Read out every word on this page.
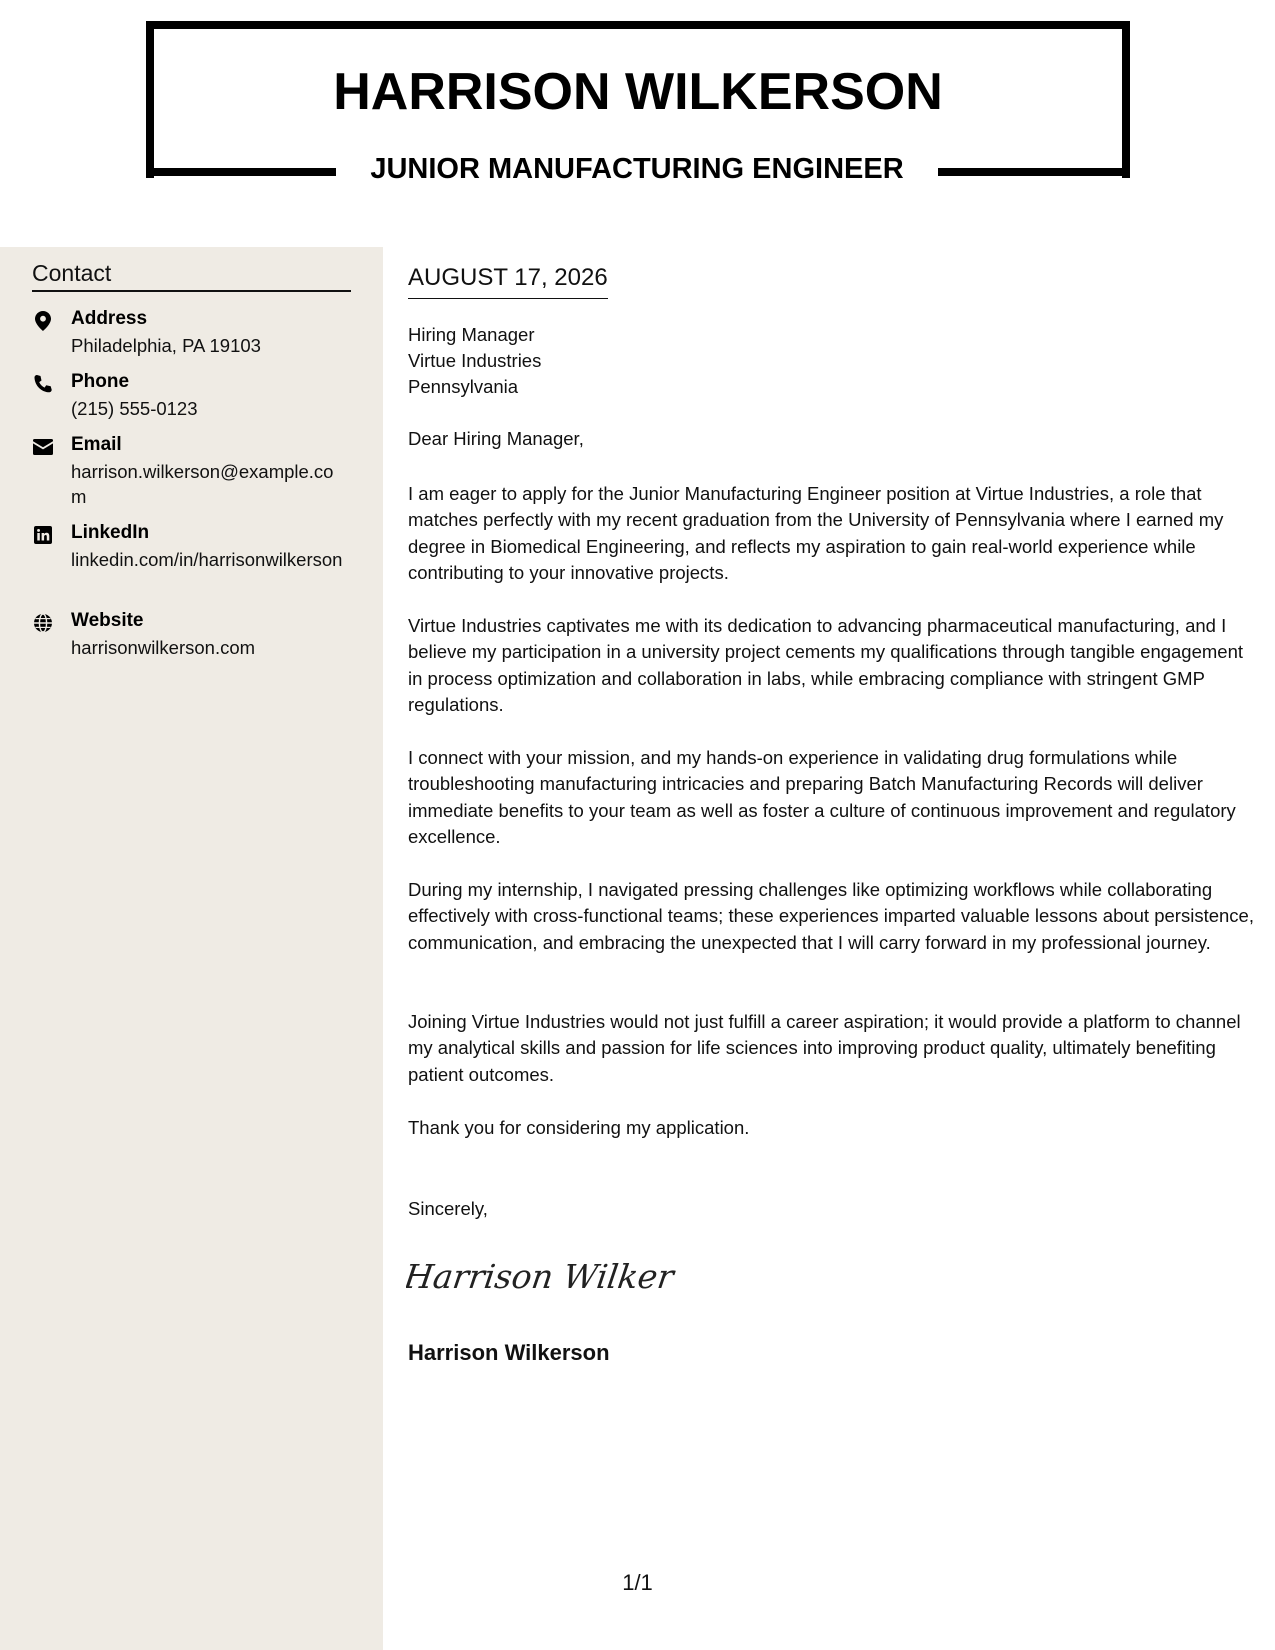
HARRISON WILKERSON
JUNIOR MANUFACTURING ENGINEER
Contact
Address
Philadelphia, PA 19103
Phone
(215) 555-0123
Email
harrison.wilkerson@example.com
LinkedIn
linkedin.com/in/harrisonwilkerson
Website
harrisonwilkerson.com
AUGUST 17, 2026
Hiring Manager
Virtue Industries
Pennsylvania
Dear Hiring Manager,
I am eager to apply for the Junior Manufacturing Engineer position at Virtue Industries, a role that matches perfectly with my recent graduation from the University of Pennsylvania where I earned my degree in Biomedical Engineering, and reflects my aspiration to gain real-world experience while contributing to your innovative projects.
Virtue Industries captivates me with its dedication to advancing pharmaceutical manufacturing, and I believe my participation in a university project cements my qualifications through tangible engagement in process optimization and collaboration in labs, while embracing compliance with stringent GMP regulations.
I connect with your mission, and my hands-on experience in validating drug formulations while troubleshooting manufacturing intricacies and preparing Batch Manufacturing Records will deliver immediate benefits to your team as well as foster a culture of continuous improvement and regulatory excellence.
During my internship, I navigated pressing challenges like optimizing workflows while collaborating effectively with cross-functional teams; these experiences imparted valuable lessons about persistence, communication, and embracing the unexpected that I will carry forward in my professional journey.
Joining Virtue Industries would not just fulfill a career aspiration; it would provide a platform to channel my analytical skills and passion for life sciences into improving product quality, ultimately benefiting patient outcomes.
Thank you for considering my application.
Sincerely,
Harrison Wilker
Harrison Wilkerson
1/1
